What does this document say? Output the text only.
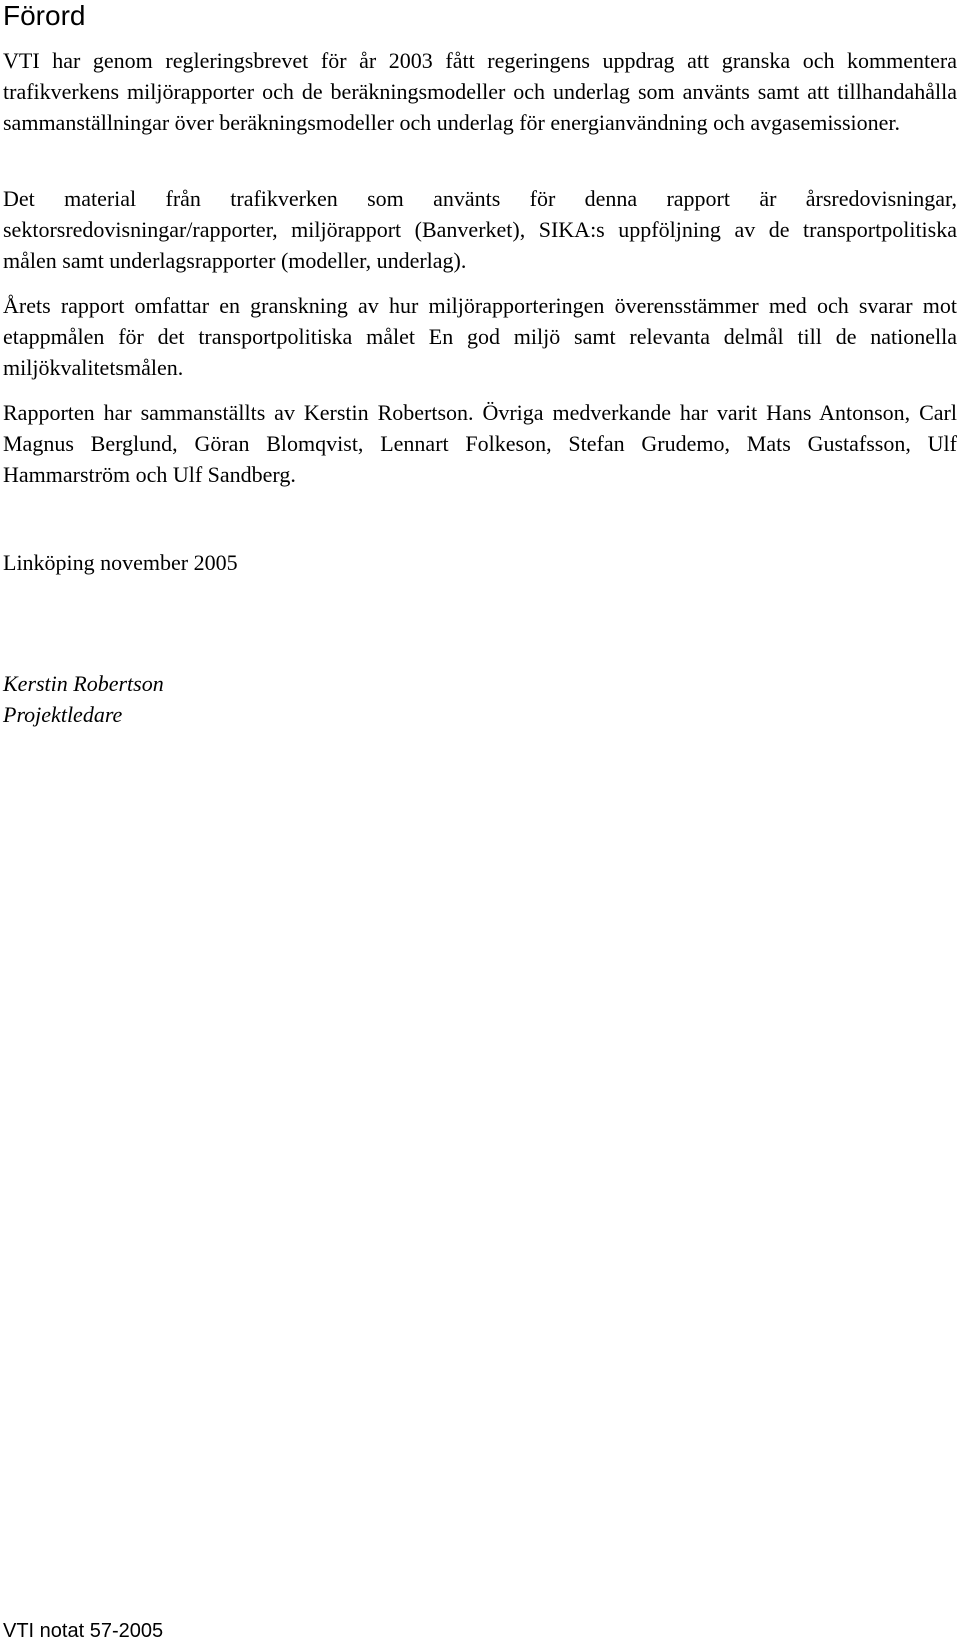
Förord

VTI har genom regleringsbrevet för år 2003 fått regeringens uppdrag att granska och kommentera trafikverkens miljörapporter och de beräkningsmodeller och underlag som använts samt att tillhandahålla sammanställningar över beräkningsmodeller och underlag för energianvändning och avgasemissioner.

Det material från trafikverken som använts för denna rapport är årsredovisningar, sektorsredovisningar/rapporter, miljörapport (Banverket), SIKA:s uppföljning av de transportpolitiska målen samt underlagsrapporter (modeller, underlag).

Årets rapport omfattar en granskning av hur miljörapporteringen överensstämmer med och svarar mot etappmålen för det transportpolitiska målet En god miljö samt relevanta delmål till de nationella miljökvalitetsmålen.

Rapporten har sammanställts av Kerstin Robertson. Övriga medverkande har varit Hans Antonson, Carl Magnus Berglund, Göran Blomqvist, Lennart Folkeson, Stefan Grudemo, Mats Gustafsson, Ulf Hammarström och Ulf Sandberg.

Linköping november 2005

Kerstin Robertson
Projektledare

VTI notat 57-2005
